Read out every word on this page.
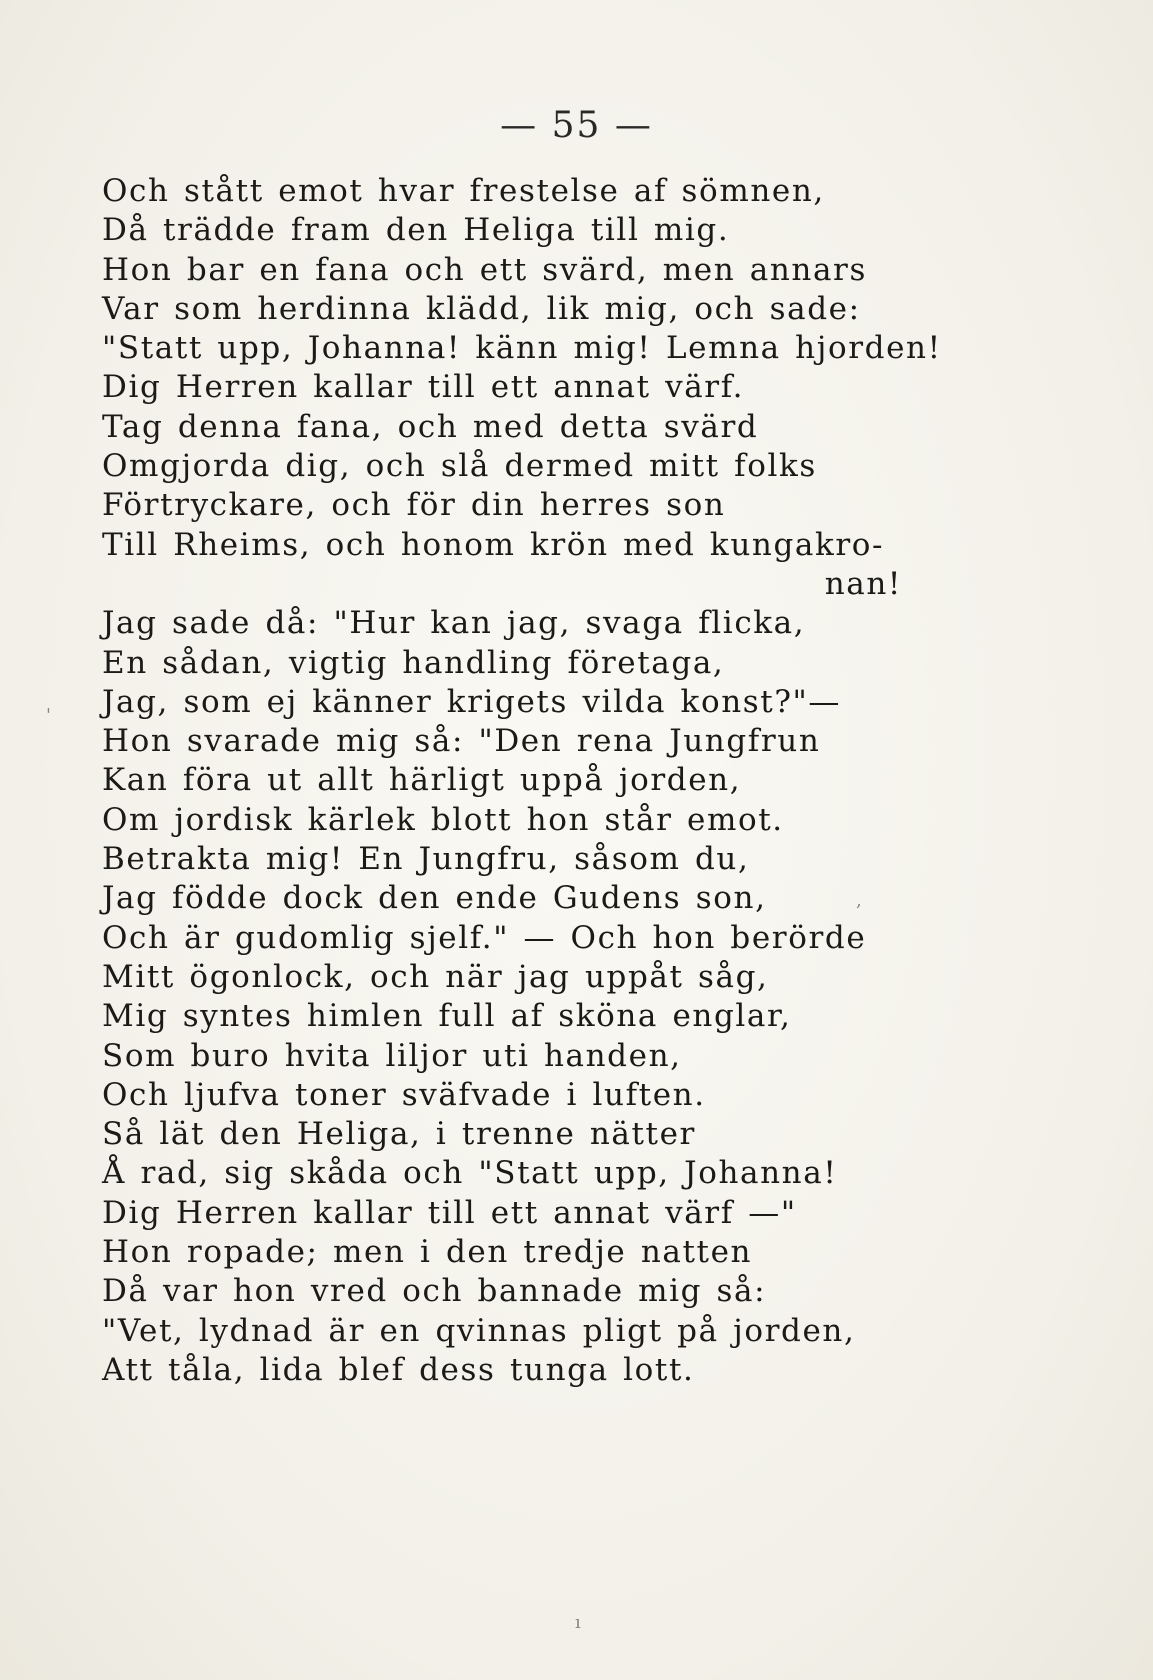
— 55 —
Och stått emot hvar frestelse af sömnen,
Då trädde fram den Heliga till mig.
Hon bar en fana och ett svärd, men annars
Var som herdinna klädd, lik mig, och sade:
"Statt upp, Johanna! känn mig! Lemna hjorden!
Dig Herren kallar till ett annat värf.
Tag denna fana, och med detta svärd
Omgjorda dig, och slå dermed mitt folks
Förtryckare, och för din herres son
Till Rheims, och honom krön med kungakro-
nan!
Jag sade då: "Hur kan jag, svaga flicka,
En sådan, vigtig handling företaga,
Jag, som ej känner krigets vilda konst?"—
Hon svarade mig så: "Den rena Jungfrun
Kan föra ut allt härligt uppå jorden,
Om jordisk kärlek blott hon står emot.
Betrakta mig! En Jungfru, såsom du,
Jag födde dock den ende Gudens son,
Och är gudomlig sjelf." — Och hon berörde
Mitt ögonlock, och när jag uppåt såg,
Mig syntes himlen full af sköna englar,
Som buro hvita liljor uti handen,
Och ljufva toner sväfvade i luften.
Så lät den Heliga, i trenne nätter
Å rad, sig skåda och "Statt upp, Johanna!
Dig Herren kallar till ett annat värf —"
Hon ropade; men i den tredje natten
Då var hon vred och bannade mig så:
"Vet, lydnad är en qvinnas pligt på jorden,
Att tåla, lida blef dess tunga lott.
'
,
ı
